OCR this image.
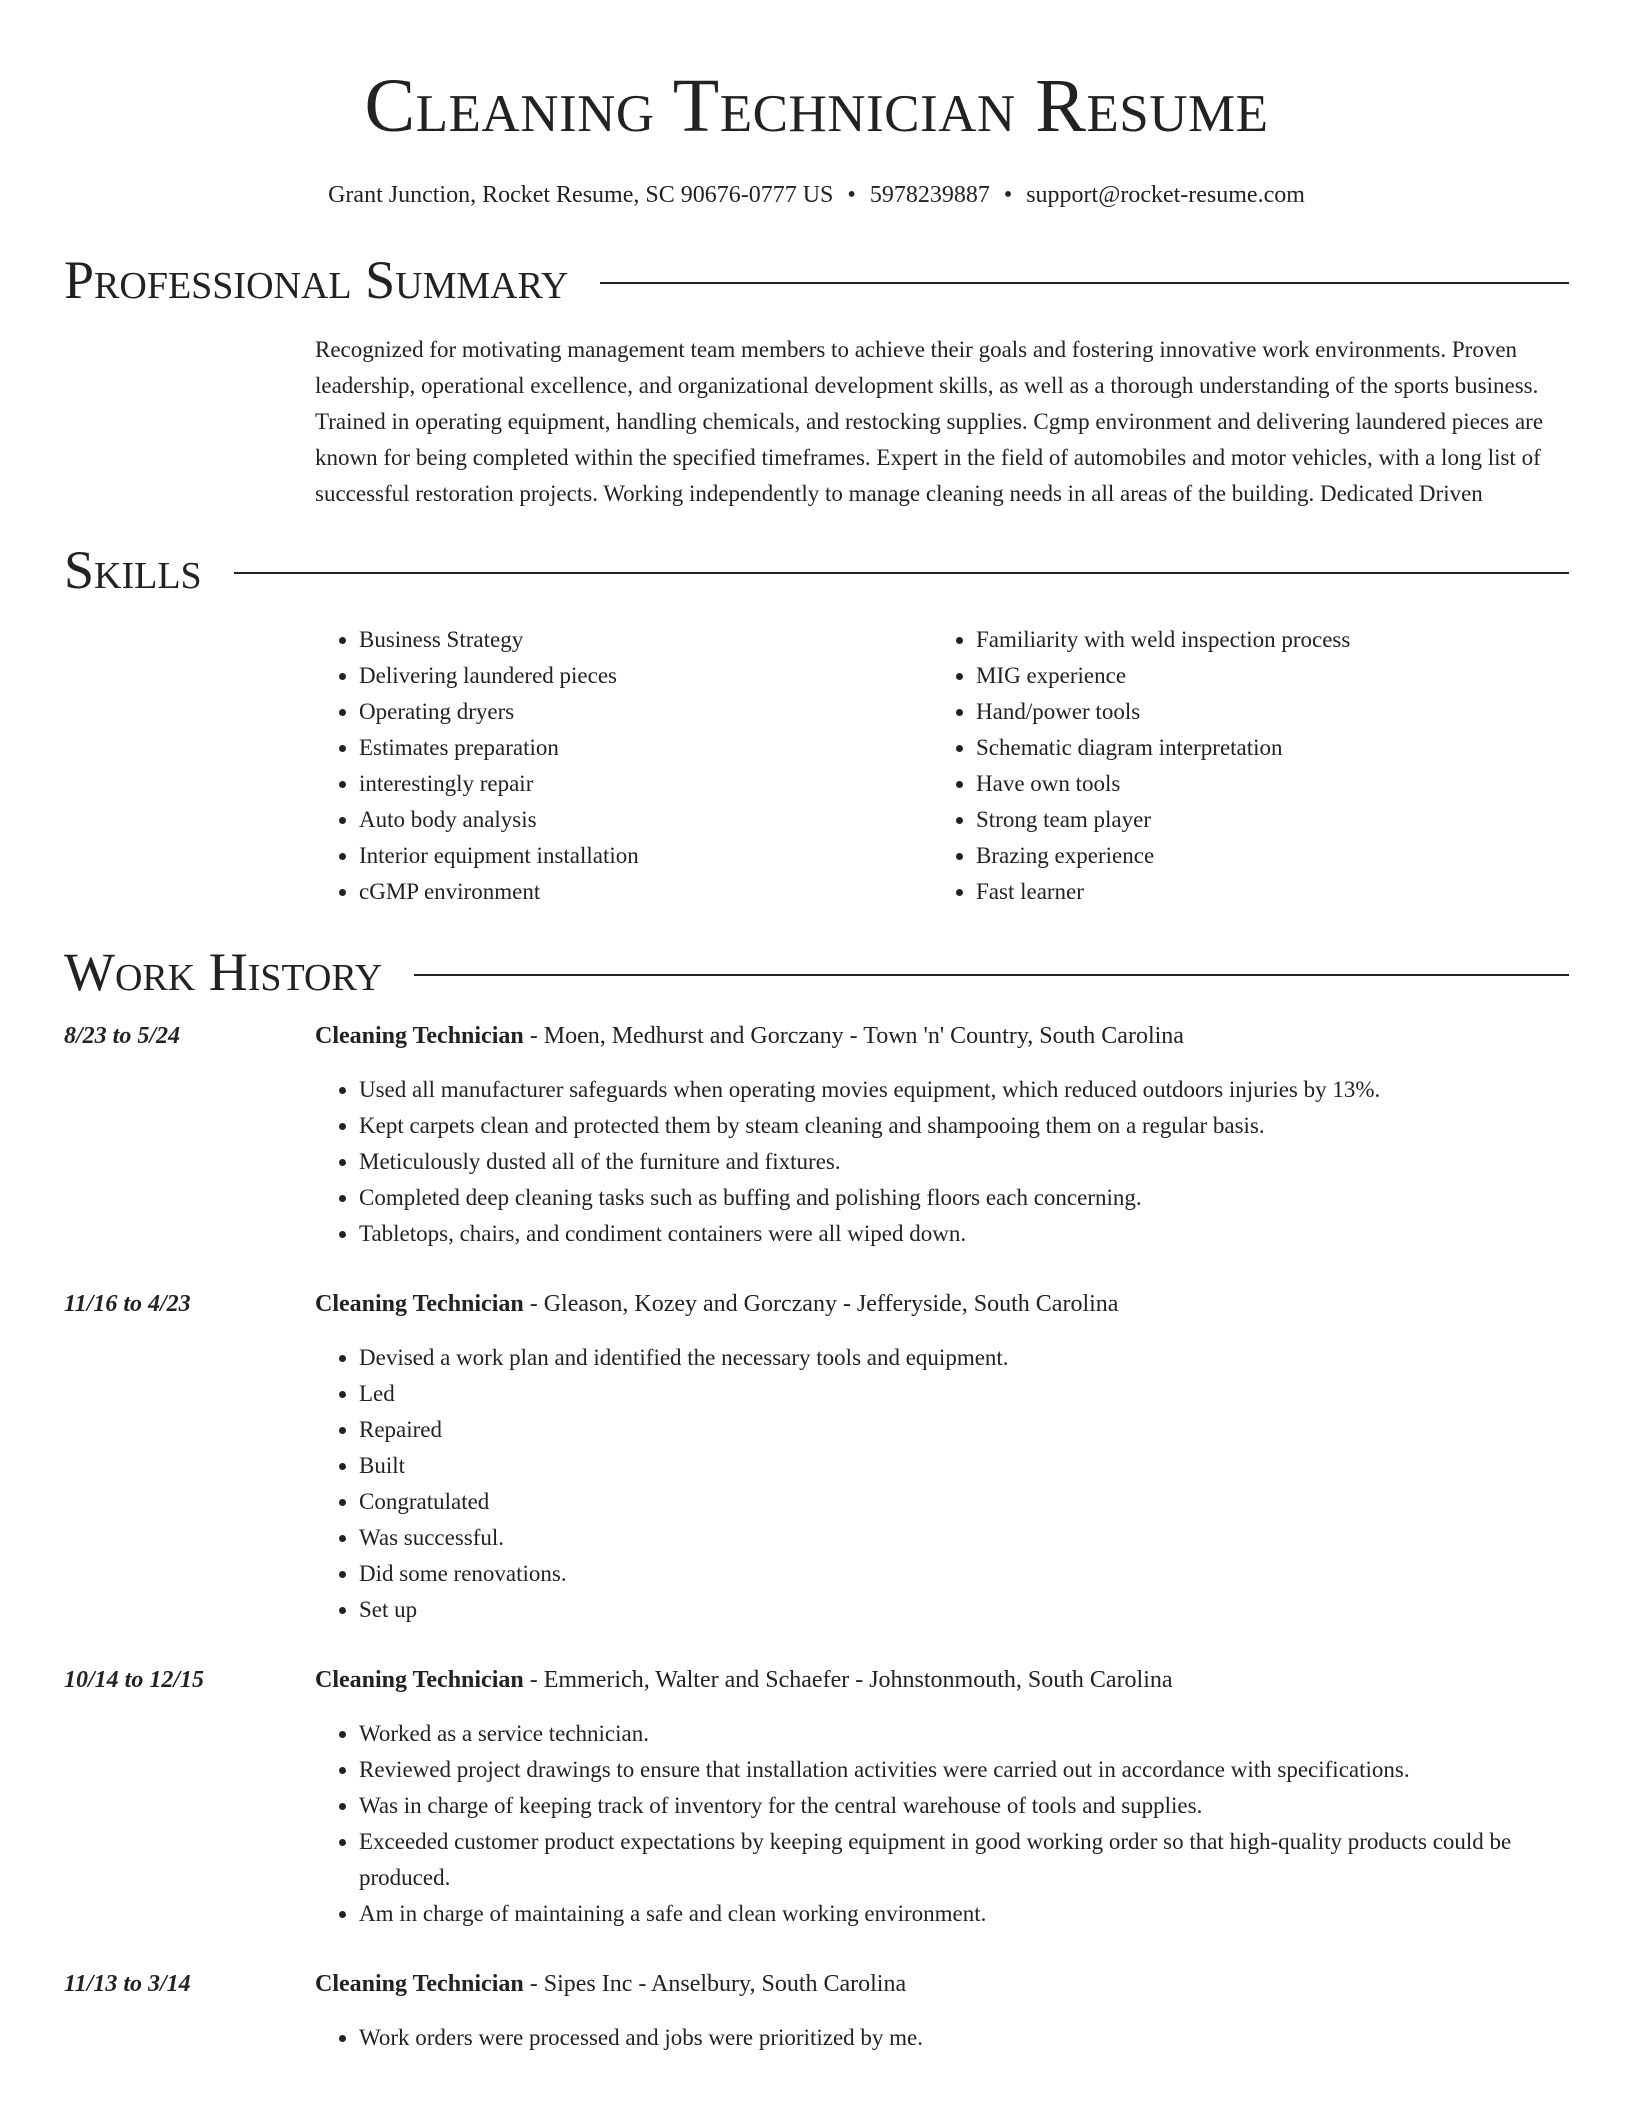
Cleaning Technician Resume
Grant Junction, Rocket Resume, SC 90676-0777 US • 5978239887 • support@rocket-resume.com
Professional Summary
Recognized for motivating management team members to achieve their goals and fostering innovative work environments. Proven leadership, operational excellence, and organizational development skills, as well as a thorough understanding of the sports business. Trained in operating equipment, handling chemicals, and restocking supplies. Cgmp environment and delivering laundered pieces are known for being completed within the specified timeframes. Expert in the field of automobiles and motor vehicles, with a long list of successful restoration projects. Working independently to manage cleaning needs in all areas of the building. Dedicated Driven
Skills
• Business Strategy
• Delivering laundered pieces
• Operating dryers
• Estimates preparation
• interestingly repair
• Auto body analysis
• Interior equipment installation
• cGMP environment
• Familiarity with weld inspection process
• MIG experience
• Hand/power tools
• Schematic diagram interpretation
• Have own tools
• Strong team player
• Brazing experience
• Fast learner
Work History
8/23 to 5/24	Cleaning Technician - Moen, Medhurst and Gorczany - Town 'n' Country, South Carolina
• Used all manufacturer safeguards when operating movies equipment, which reduced outdoors injuries by 13%.
• Kept carpets clean and protected them by steam cleaning and shampooing them on a regular basis.
• Meticulously dusted all of the furniture and fixtures.
• Completed deep cleaning tasks such as buffing and polishing floors each concerning.
• Tabletops, chairs, and condiment containers were all wiped down.
11/16 to 4/23	Cleaning Technician - Gleason, Kozey and Gorczany - Jefferyside, South Carolina
• Devised a work plan and identified the necessary tools and equipment.
• Led
• Repaired
• Built
• Congratulated
• Was successful.
• Did some renovations.
• Set up
10/14 to 12/15	Cleaning Technician - Emmerich, Walter and Schaefer - Johnstonmouth, South Carolina
• Worked as a service technician.
• Reviewed project drawings to ensure that installation activities were carried out in accordance with specifications.
• Was in charge of keeping track of inventory for the central warehouse of tools and supplies.
• Exceeded customer product expectations by keeping equipment in good working order so that high-quality products could be produced.
• Am in charge of maintaining a safe and clean working environment.
11/13 to 3/14	Cleaning Technician - Sipes Inc - Anselbury, South Carolina
• Work orders were processed and jobs were prioritized by me.
